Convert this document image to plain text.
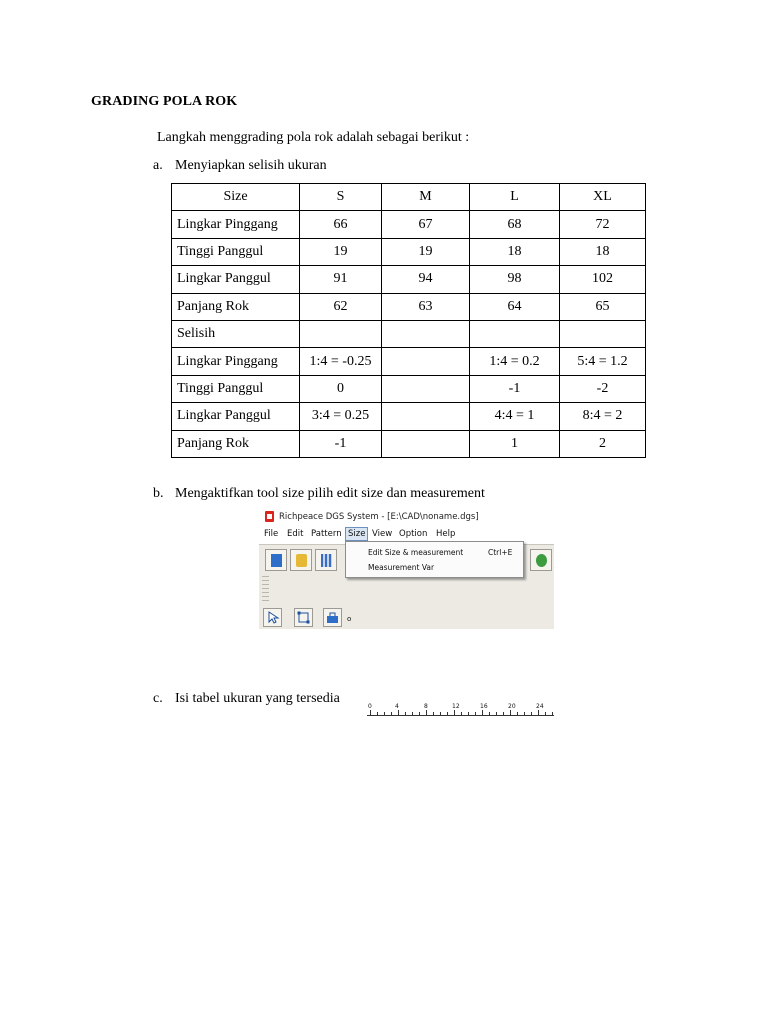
GRADING POLA ROK
Langkah menggrading pola rok adalah sebagai berikut :
a. Menyiapkan selisih ukuran
Size	S	M	L	XL
Lingkar Pinggang	66	67	68	72
Tinggi Panggul	19	19	18	18
Lingkar Panggul	91	94	98	102
Panjang Rok	62	63	64	65
Selisih				
Lingkar Pinggang	1:4 = -0.25		1:4 = 0.2	5:4 = 1.2
Tinggi Panggul	0		-1	-2
Lingkar Panggul	3:4 = 0.25		4:4 = 1	8:4 = 2
Panjang Rok	-1		1	2
b. Mengaktifkan tool size pilih edit size dan measurement
Richpeace DGS System - [E:\CAD\noname.dgs]
File Edit Pattern Size View Option Help
0	4	8	12	16	20	24
o
Edit Size & measurement	Ctrl+E
Measurement Var
c. Isi tabel ukuran yang tersedia
